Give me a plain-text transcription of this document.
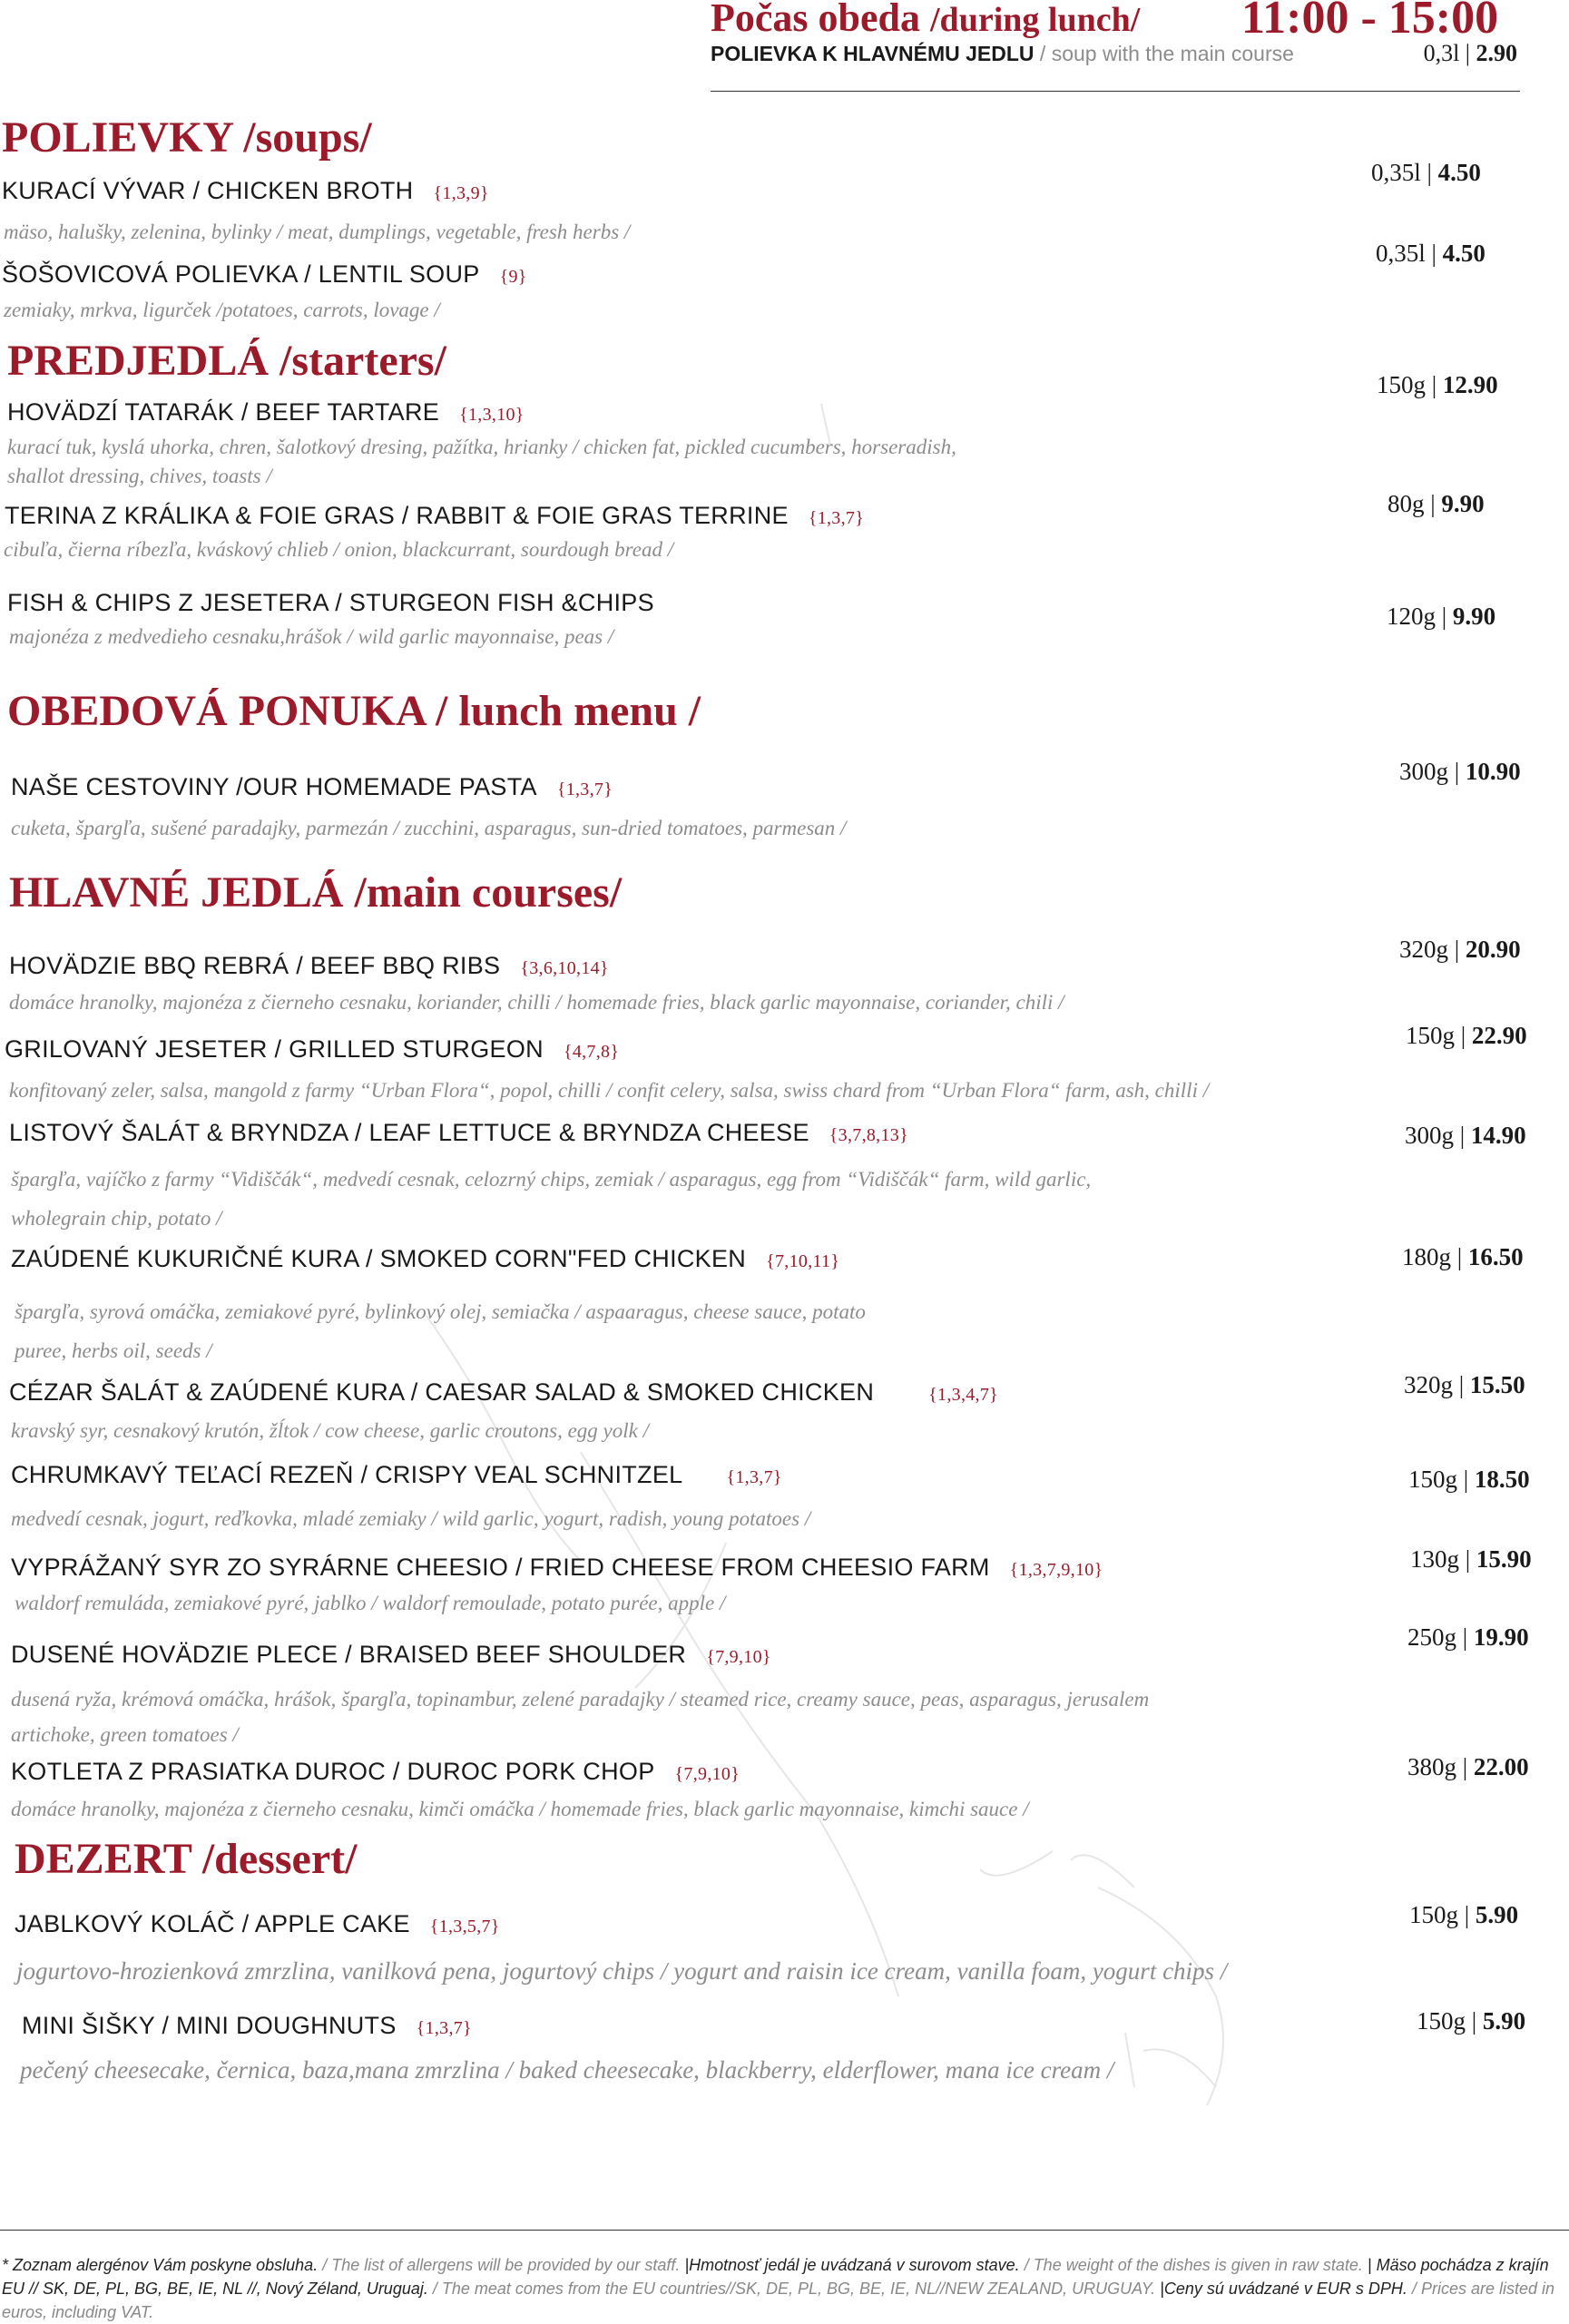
Počas obeda /during lunch/ 11:00 - 15:00
POLIEVKA K HLAVNÉMU JEDLU / soup with the main course	0,3l | 2.90
POLIEVKY /soups/
KURACÍ VÝVAR / CHICKEN BROTH {1,3,9}
mäso, halušky, zelenina, bylinky / meat, dumplings, vegetable, fresh herbs /
0,35l | 4.50
ŠOŠOVICOVÁ POLIEVKA / LENTIL SOUP {9}
zemiaky, mrkva, ligurček /potatoes, carrots, lovage /
0,35l | 4.50
PREDJEDLÁ /starters/
HOVÄDZÍ TATARÁK / BEEF TARTARE {1,3,10}
kurací tuk, kyslá uhorka, chren, šalotkový dresing, pažítka, hrianky / chicken fat, pickled cucumbers, horseradish, shallot dressing, chives, toasts /
150g | 12.90
TERINA Z KRÁLIKA & FOIE GRAS / RABBIT & FOIE GRAS TERRINE {1,3,7}
cibuľa, čierna ríbezľa, kváskový chlieb / onion, blackcurrant, sourdough bread /
80g | 9.90
FISH & CHIPS Z JESETERA / STURGEON FISH &CHIPS
majonéza z medvedieho cesnaku,hrášok / wild garlic mayonnaise, peas /
120g | 9.90
OBEDOVÁ PONUKA / lunch menu /
NAŠE CESTOVINY /OUR HOMEMADE PASTA {1,3,7}
cuketa, špargľa, sušené paradajky, parmezán / zucchini, asparagus, sun-dried tomatoes, parmesan /
300g | 10.90
HLAVNÉ JEDLÁ /main courses/
HOVÄDZIE BBQ REBRÁ / BEEF BBQ RIBS {3,6,10,14}
domáce hranolky, majonéza z čierneho cesnaku, koriander, chilli / homemade fries, black garlic mayonnaise, coriander, chili /
320g | 20.90
GRILOVANÝ JESETER / GRILLED STURGEON {4,7,8}
konfitovaný zeler, salsa, mangold z farmy “Urban Flora“, popol, chilli / confit celery, salsa, swiss chard from “Urban Flora“ farm, ash, chilli /
150g | 22.90
LISTOVÝ ŠALÁT & BRYNDZA / LEAF LETTUCE & BRYNDZA CHEESE {3,7,8,13}
špargľa, vajíčko z farmy “Vidiščák“, medvedí cesnak, celozrný chips, zemiak / asparagus, egg from “Vidiščák“ farm, wild garlic, wholegrain chip, potato /
300g | 14.90
ZAÚDENÉ KUKURIČNÉ KURA / SMOKED CORN"FED CHICKEN {7,10,11}
špargľa, syrová omáčka, zemiakové pyré, bylinkový olej, semiačka / aspaaragus, cheese sauce, potato puree, herbs oil, seeds /
180g | 16.50
CÉZAR ŠALÁT & ZAÚDENÉ KURA / CAESAR SALAD & SMOKED CHICKEN	{1,3,4,7}
kravský syr, cesnakový krutón, žĺtok / cow cheese, garlic croutons, egg yolk /
320g | 15.50
CHRUMKAVÝ TEĽACÍ REZEŇ / CRISPY VEAL SCHNITZEL {1,3,7}
medvedí cesnak, jogurt, reďkovka, mladé zemiaky / wild garlic, yogurt, radish, young potatoes /
150g | 18.50
VYPRÁŽANÝ SYR ZO SYRÁRNE CHEESIO / FRIED CHEESE FROM CHEESIO FARM {1,3,7,9,10}
waldorf remuláda, zemiakové pyré, jablko / waldorf remoulade, potato purée, apple /
130g | 15.90
DUSENÉ HOVÄDZIE PLECE / BRAISED BEEF SHOULDER {7,9,10}
dusená ryža, krémová omáčka, hrášok, špargľa, topinambur, zelené paradajky / steamed rice, creamy sauce, peas, asparagus, jerusalem artichoke, green tomatoes /
250g | 19.90
KOTLETA Z PRASIATKA DUROC / DUROC PORK CHOP {7,9,10}
domáce hranolky, majonéza z čierneho cesnaku, kimči omáčka / homemade fries, black garlic mayonnaise, kimchi sauce /
380g | 22.00
DEZERT /dessert/
JABLKOVÝ KOLÁČ / APPLE CAKE {1,3,5,7}
jogurtovo-hrozienková zmrzlina, vanilková pena, jogurtový chips / yogurt and raisin ice cream, vanilla foam, yogurt chips /
150g | 5.90
MINI ŠIŠKY / MINI DOUGHNUTS {1,3,7}
pečený cheesecake, černica, baza,mana zmrzlina / baked cheesecake, blackberry, elderflower, mana ice cream /
150g | 5.90
* Zoznam alergénov Vám poskyne obsluha. / The list of allergens will be provided by our staff. |Hmotnosť jedál je uvádzaná v surovom stave. / The weight of the dishes is given in raw state. | Mäso pochádza z krajín EU // SK, DE, PL, BG, BE, IE, NL //, Nový Zéland, Uruguaj. / The meat comes from the EU countries//SK, DE, PL, BG, BE, IE, NL//NEW ZEALAND, URUGUAY. |Ceny sú uvádzané v EUR s DPH. / Prices are listed in euros, including VAT.
